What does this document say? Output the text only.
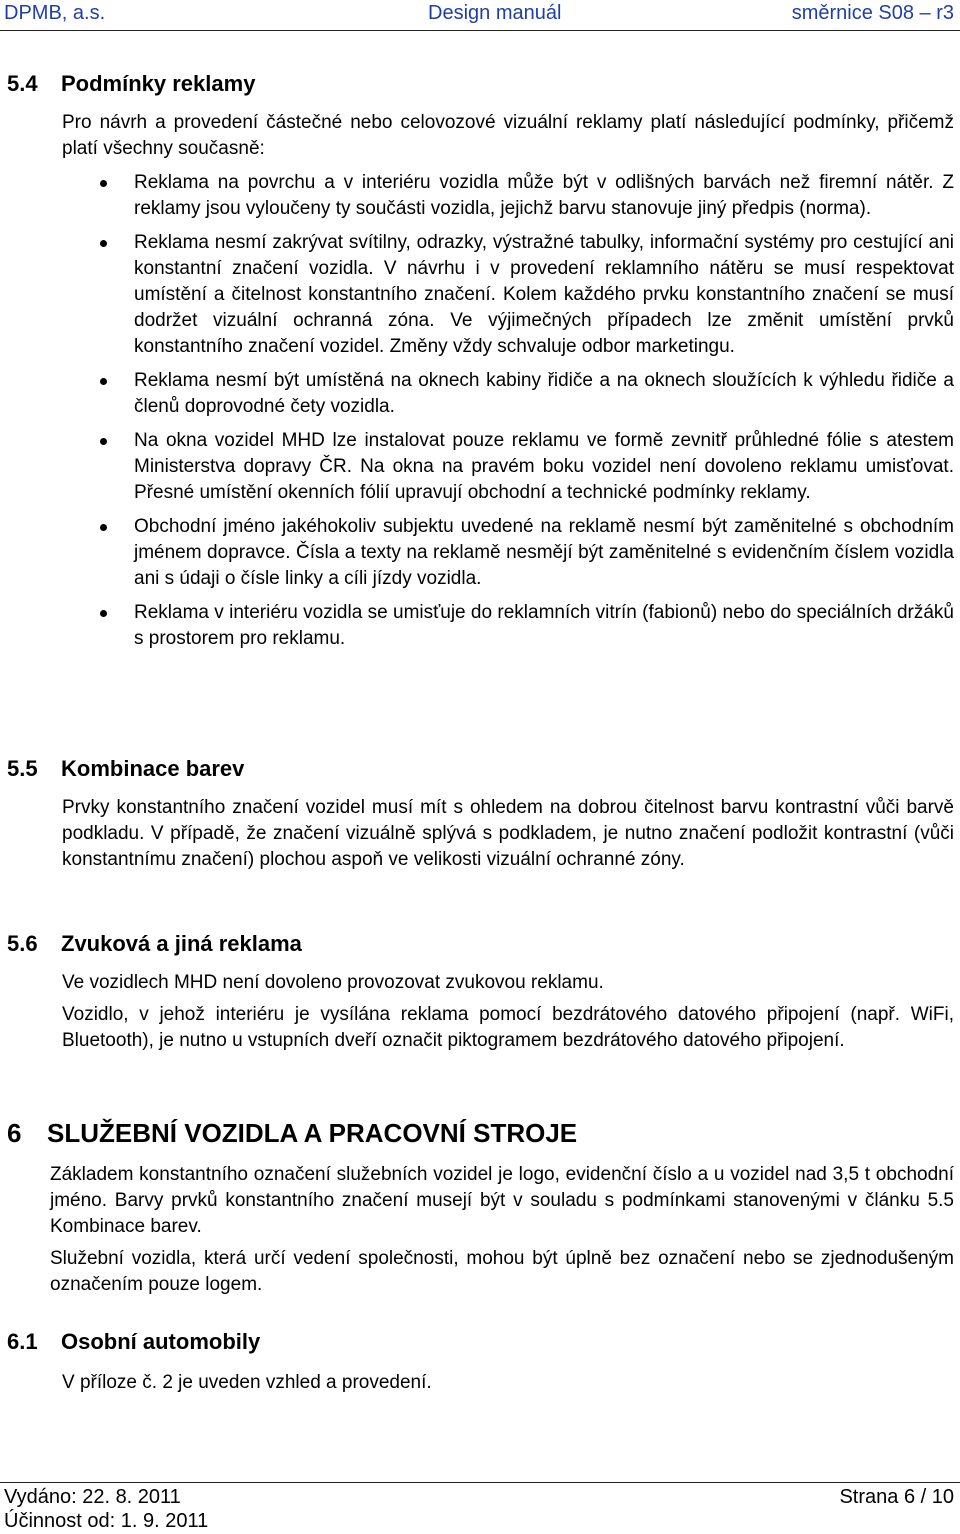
DPMB, a.s.	Design manuál	směrnice S08 – r3
5.4 Podmínky reklamy

Pro návrh a provedení částečné nebo celovozové vizuální reklamy platí následující podmínky, přičemž platí všechny současně:

Reklama na povrchu a v interiéru vozidla může být v odlišných barvách než firemní nátěr. Z reklamy jsou vyloučeny ty součásti vozidla, jejichž barvu stanovuje jiný předpis (norma).
Reklama nesmí zakrývat svítilny, odrazky, výstražné tabulky, informační systémy pro cestující ani konstantní značení vozidla. V návrhu i v provedení reklamního nátěru se musí respektovat umístění a čitelnost konstantního značení. Kolem každého prvku konstantního značení se musí dodržet vizuální ochranná zóna. Ve výjimečných případech lze změnit umístění prvků konstantního značení vozidel. Změny vždy schvaluje odbor marketingu.
Reklama nesmí být umístěná na oknech kabiny řidiče a na oknech sloužících k výhledu řidiče a členů doprovodné čety vozidla.
Na okna vozidel MHD lze instalovat pouze reklamu ve formě zevnitř průhledné fólie s atestem Ministerstva dopravy ČR. Na okna na pravém boku vozidel není dovoleno reklamu umisťovat. Přesné umístění okenních fólií upravují obchodní a technické podmínky reklamy.
Obchodní jméno jakéhokoliv subjektu uvedené na reklamě nesmí být zaměnitelné s obchodním jménem dopravce. Čísla a texty na reklamě nesmějí být zaměnitelné s evidenčním číslem vozidla ani s údaji o čísle linky a cíli jízdy vozidla.
Reklama v interiéru vozidla se umisťuje do reklamních vitrín (fabionů) nebo do speciálních držáků s prostorem pro reklamu.
5.5 Kombinace barev

Prvky konstantního značení vozidel musí mít s ohledem na dobrou čitelnost barvu kontrastní vůči barvě podkladu. V případě, že značení vizuálně splývá s podkladem, je nutno značení podložit kontrastní (vůči konstantnímu značení) plochou aspoň ve velikosti vizuální ochranné zóny.

5.6 Zvuková a jiná reklama

Ve vozidlech MHD není dovoleno provozovat zvukovou reklamu.

Vozidlo, v jehož interiéru je vysílána reklama pomocí bezdrátového datového připojení (např. WiFi, Bluetooth), je nutno u vstupních dveří označit piktogramem bezdrátového datového připojení.

6 SLUŽEBNÍ VOZIDLA A PRACOVNÍ STROJE

Základem konstantního označení služebních vozidel je logo, evidenční číslo a u vozidel nad 3,5 t obchodní jméno. Barvy prvků konstantního značení musejí být v souladu s podmínkami stanovenými v článku 5.5 Kombinace barev.

Služební vozidla, která určí vedení společnosti, mohou být úplně bez označení nebo se zjednodušeným označením pouze logem.

6.1 Osobní automobily

V příloze č. 2 je uveden vzhled a provedení.

Vydáno: 22. 8. 2011
Účinnost od: 1. 9. 2011
Strana 6 / 10
